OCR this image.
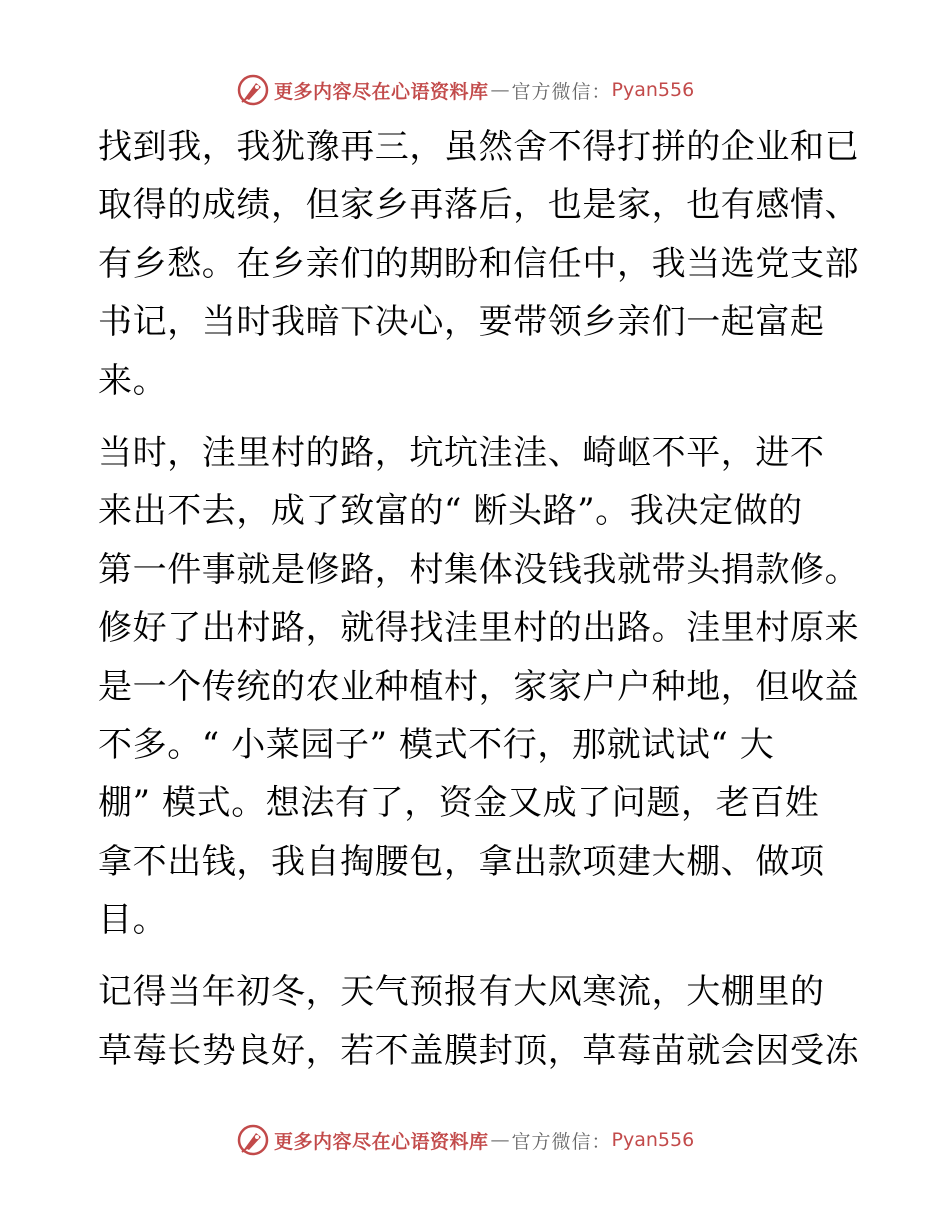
更多内容尽在心语资料库 — 官方微信： Pyan556
找到我，我犹豫再三，虽然舍不得打拼的企业和已
取得的成绩，但家乡再落后，也是家，也有感情、
有乡愁。在乡亲们的期盼和信任中，我当选党支部
书记，当时我暗下决心，要带领乡亲们一起富起
来。
当时，洼里村的路，坑坑洼洼、崎岖不平，进不
来出不去，成了致富的“ 断头路”。我决定做的
第一件事就是修路，村集体没钱我就带头捐款修。
修好了出村路，就得找洼里村的出路。洼里村原来
是一个传统的农业种植村，家家户户种地，但收益
不多。“ 小菜园子” 模式不行，那就试试“ 大
棚” 模式。想法有了，资金又成了问题，老百姓
拿不出钱，我自掏腰包，拿出款项建大棚、做项
目。
记得当年初冬，天气预报有大风寒流，大棚里的
草莓长势良好，若不盖膜封顶，草莓苗就会因受冻
更多内容尽在心语资料库 — 官方微信： Pyan556
